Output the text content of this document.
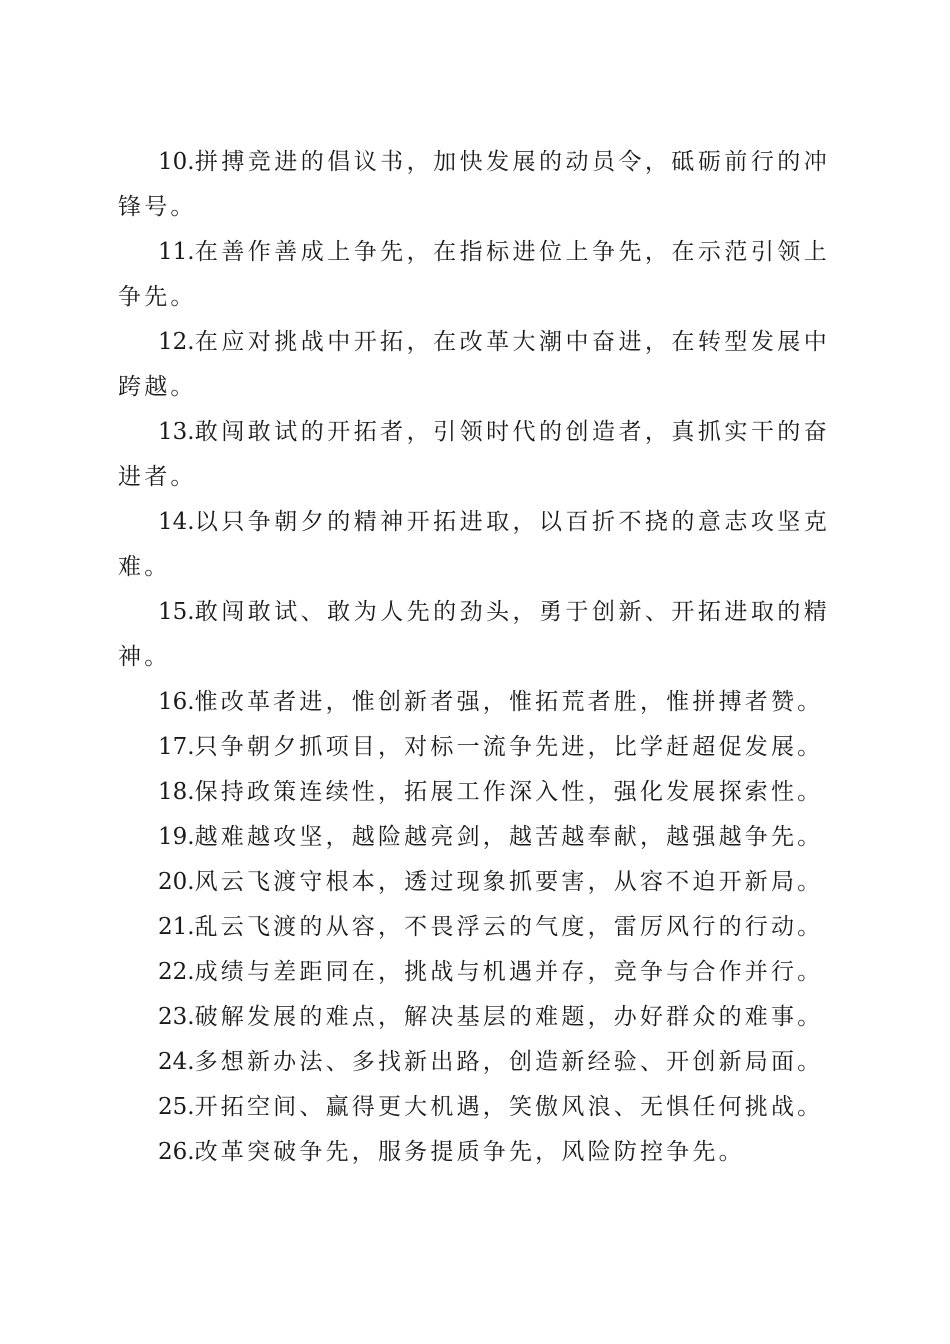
10.拼搏竞进的倡议书，加快发展的动员令，砥砺前行的冲锋号。

11.在善作善成上争先，在指标进位上争先，在示范引领上争先。

12.在应对挑战中开拓，在改革大潮中奋进，在转型发展中跨越。

13.敢闯敢试的开拓者，引领时代的创造者，真抓实干的奋进者。

14.以只争朝夕的精神开拓进取，以百折不挠的意志攻坚克难。

15.敢闯敢试、敢为人先的劲头，勇于创新、开拓进取的精神。

16.惟改革者进，惟创新者强，惟拓荒者胜，惟拼搏者赞。

17.只争朝夕抓项目，对标一流争先进，比学赶超促发展。

18.保持政策连续性，拓展工作深入性，强化发展探索性。

19.越难越攻坚，越险越亮剑，越苦越奉献，越强越争先。

20.风云飞渡守根本，透过现象抓要害，从容不迫开新局。

21.乱云飞渡的从容，不畏浮云的气度，雷厉风行的行动。

22.成绩与差距同在，挑战与机遇并存，竞争与合作并行。

23.破解发展的难点，解决基层的难题，办好群众的难事。

24.多想新办法、多找新出路，创造新经验、开创新局面。

25.开拓空间、赢得更大机遇，笑傲风浪、无惧任何挑战。

26.改革突破争先，服务提质争先，风险防控争先。
